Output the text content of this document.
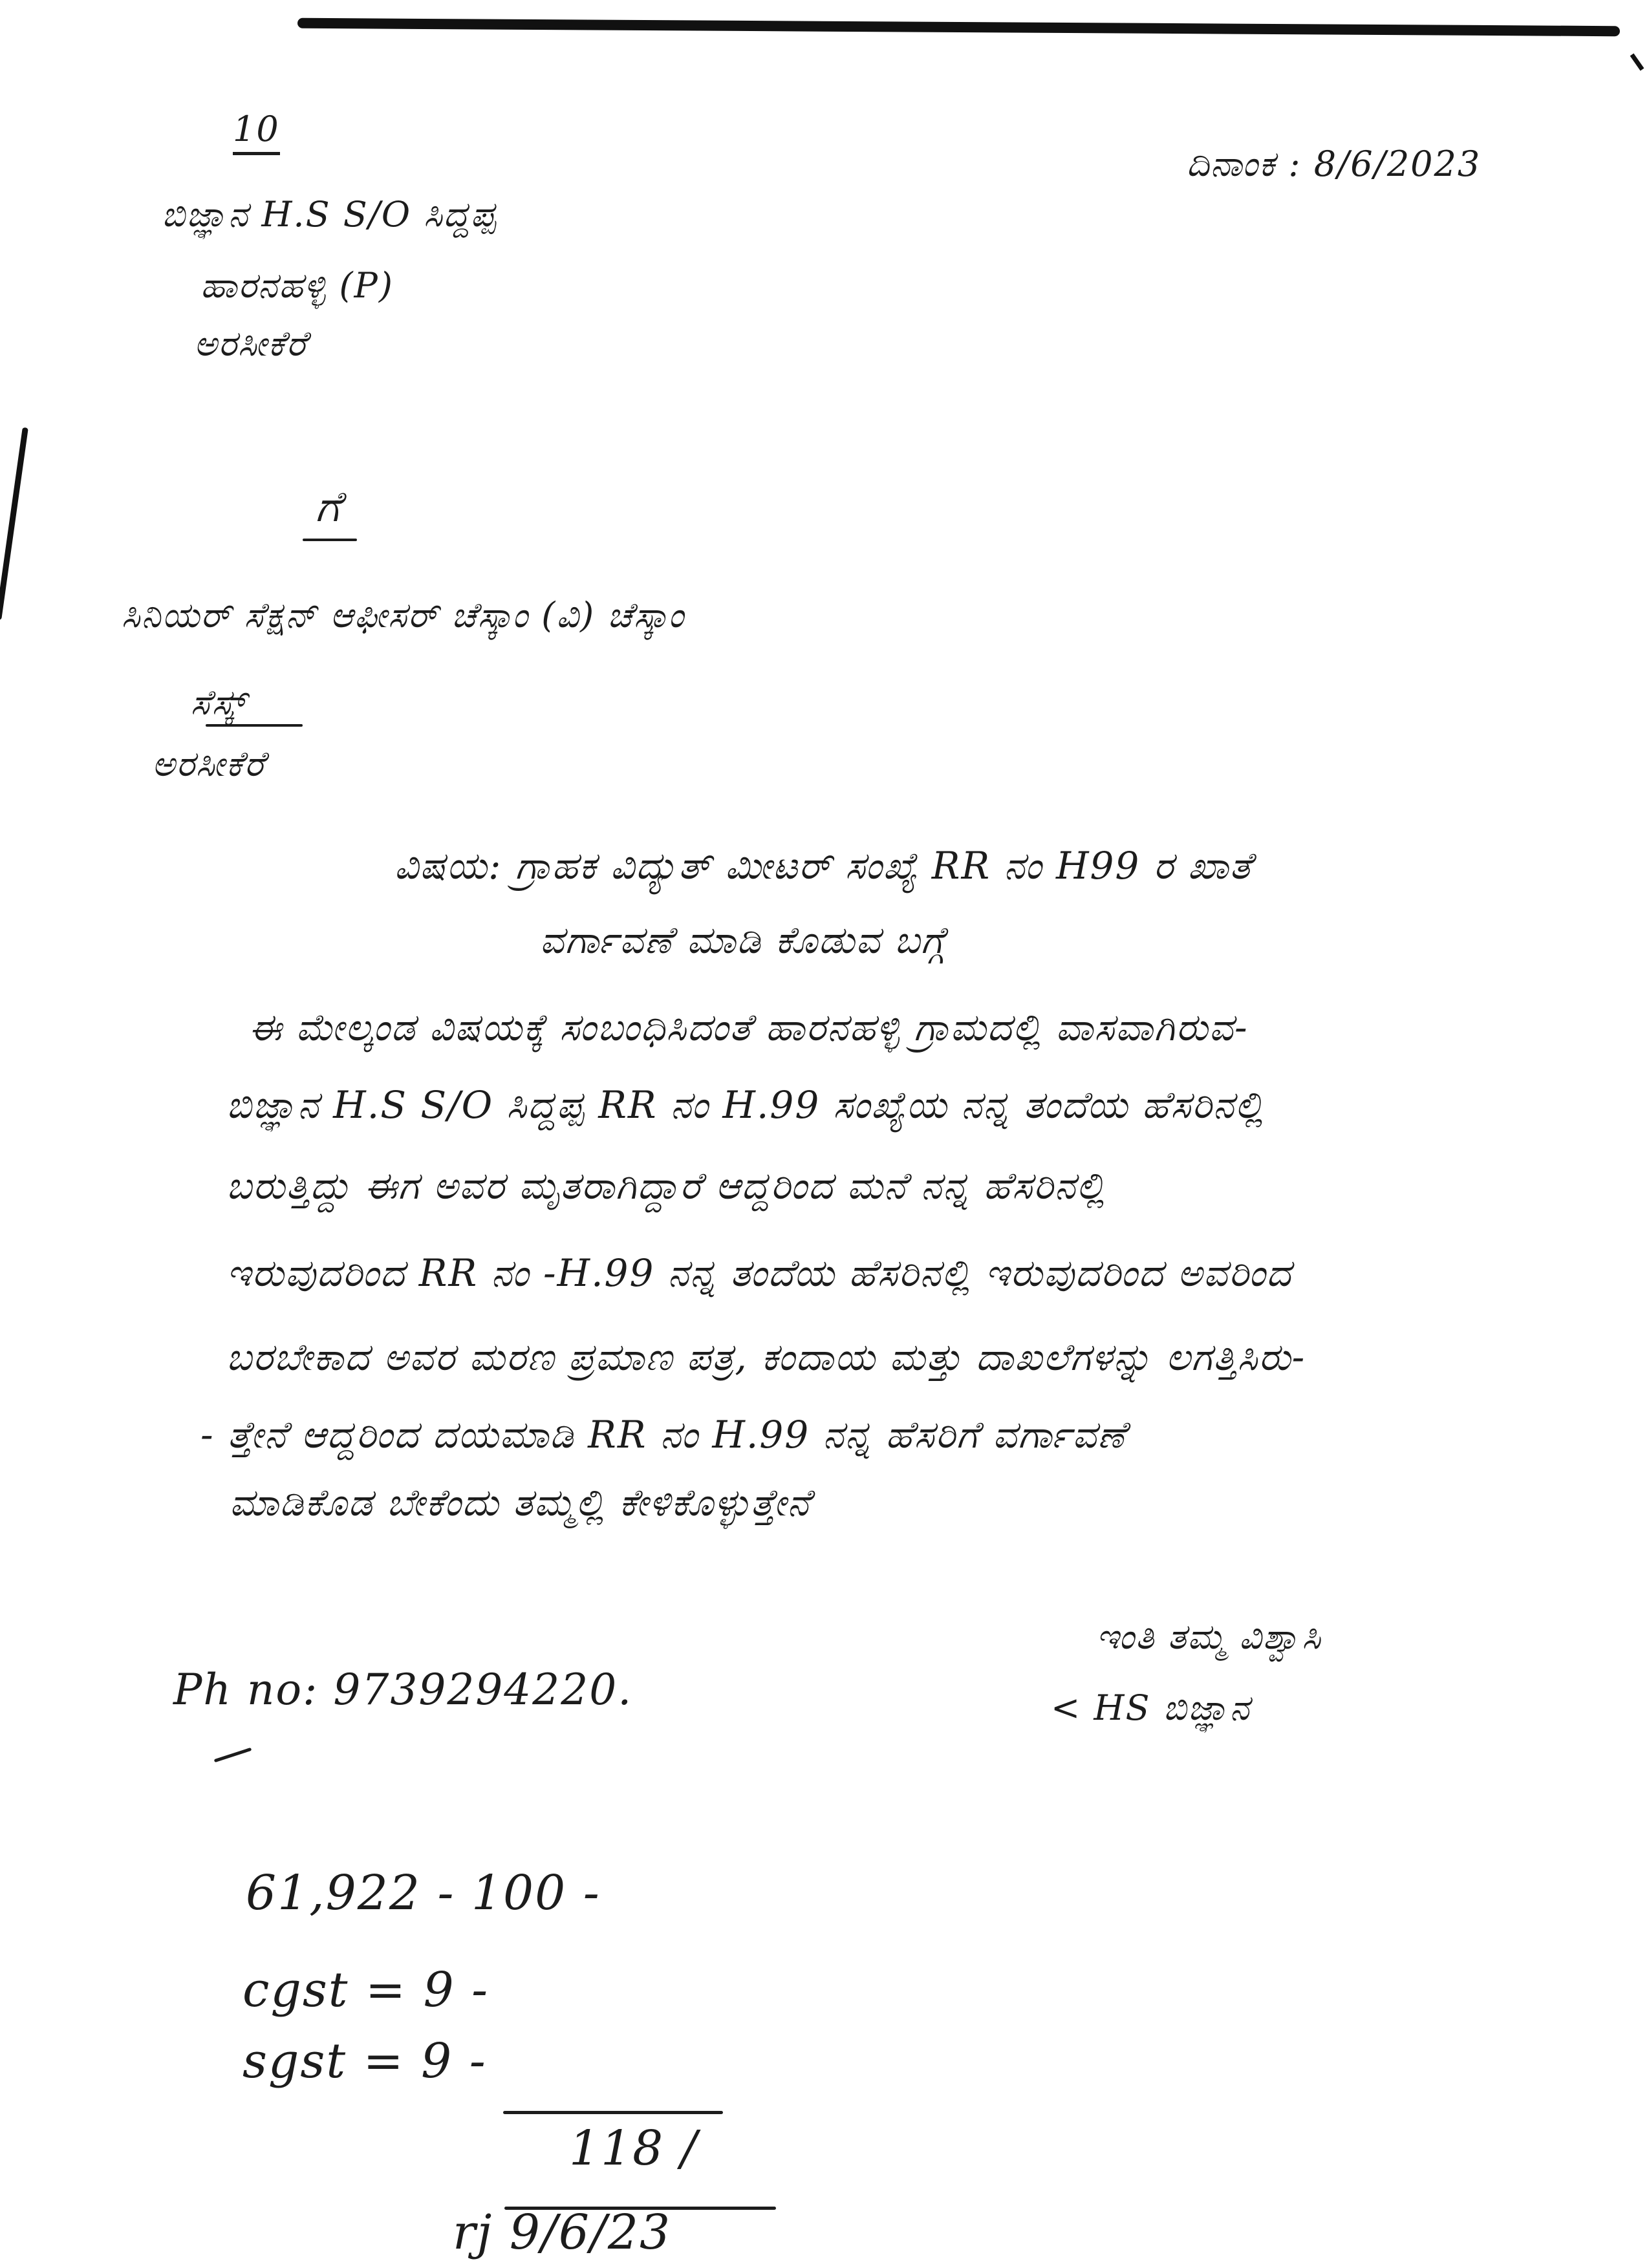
10
ದಿನಾಂಕ : 8/6/2023
ಬಿಜ್ಞಾನ H.S S/O ಸಿದ್ದಪ್ಪ
ಹಾರನಹಳ್ಳಿ (P)
ಅರಸೀಕೆರೆ
ಗೆ
ಸಿನಿಯರ್ ಸೆಕ್ಷನ್ ಆಫೀಸರ್ ಚೆಸ್ಕಾಂ (ವಿ) ಚೆಸ್ಕಾಂ
ಸೆಸ್ಕ್
ಅರಸೀಕೆರೆ
ವಿಷಯ: ಗ್ರಾಹಕ ವಿದ್ಯುತ್ ಮೀಟರ್ ಸಂಖ್ಯೆ RR ನಂ H99 ರ ಖಾತೆ
ವರ್ಗಾವಣೆ ಮಾಡಿ ಕೊಡುವ ಬಗ್ಗೆ
ಈ ಮೇಲ್ಕಂಡ ವಿಷಯಕ್ಕೆ ಸಂಬಂಧಿಸಿದಂತೆ ಹಾರನಹಳ್ಳಿ ಗ್ರಾಮದಲ್ಲಿ ವಾಸವಾಗಿರುವ-
ಬಿಜ್ಞಾನ H.S S/O ಸಿದ್ದಪ್ಪ RR ನಂ H.99 ಸಂಖ್ಯೆಯ ನನ್ನ ತಂದೆಯ ಹೆಸರಿನಲ್ಲಿ
ಬರುತ್ತಿದ್ದು ಈಗ ಅವರ ಮೃತರಾಗಿದ್ದಾರೆ ಆದ್ದರಿಂದ ಮನೆ ನನ್ನ ಹೆಸರಿನಲ್ಲಿ
ಇರುವುದರಿಂದ RR ನಂ -H.99 ನನ್ನ ತಂದೆಯ ಹೆಸರಿನಲ್ಲಿ ಇರುವುದರಿಂದ ಅವರಿಂದ
ಬರಬೇಕಾದ ಅವರ ಮರಣ ಪ್ರಮಾಣ ಪತ್ರ, ಕಂದಾಯ ಮತ್ತು ದಾಖಲೆಗಳನ್ನು ಲಗತ್ತಿಸಿರು-
- ತ್ತೇನೆ ಆದ್ದರಿಂದ ದಯಮಾಡಿ RR ನಂ H.99 ನನ್ನ ಹೆಸರಿಗೆ ವರ್ಗಾವಣೆ
ಮಾಡಿಕೊಡ ಬೇಕೆಂದು ತಮ್ಮಲ್ಲಿ ಕೇಳಿಕೊಳ್ಳುತ್ತೇನೆ
ಇಂತಿ ತಮ್ಮ ವಿಶ್ವಾಸಿ
< HS ಬಿಜ್ಞಾನ
Ph no: 9739294220.
61,922 - 100 -
cgst = 9 -
sgst = 9 -
118 /
rj 9/6/23
